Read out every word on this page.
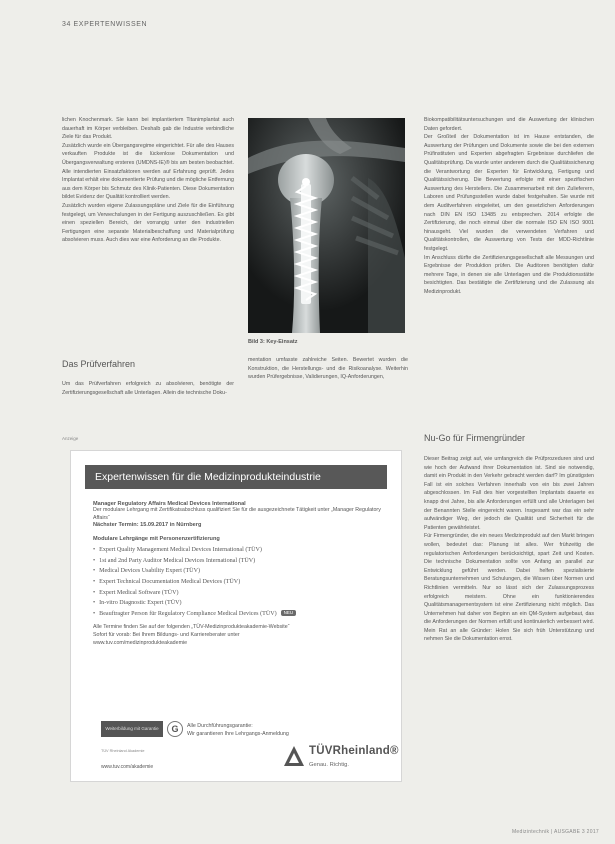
34 EXPERTENWISSEN

lichen Knochenmark. Sie kann bei implantiertem Titanimplantat auch dauerhaft im Körper verbleiben. Deshalb gab die Industrie verbindliche Ziele für das Produkt.

Zusätzlich wurde ein Übergangsregime eingerichtet. Für alle des Hauses verkauften Produkte ist die lückenlose Dokumentation und Übergangsverwaltung ersteres (UMDNS-IE)® bis am besten beobachtet. Alle intendierten Einsatzfaktoren werden auf Erfahrung geprüft. Jedes Implantat erhält eine dokumentierte Prüfung und die mögliche Entfernung aus dem Körper bis Schmutz des Klinik-Patienten. Diese Dokumentation bildet Evidenz der Qualität kontrolliert werden.

Zusätzlich wurden eigene Zulassungspläne und Ziele für die Einführung festgelegt, um Verwechslungen in der Fertigung auszuschließen. Es gibt einen speziellen Bereich, der vorrangig unter den industriellen Fertigungen eine separate Materialbeschaffung und Materialprüfung absolvieren muss. Auch dies war eine Anforderung an die Produkte.

Das Prüfverfahren

Um das Prüfverfahren erfolgreich zu absolvieren, benötigte der Zertifizierungsgesellschaft alle Unterlagen. Allein die technische Doku-

Bild 3: Key-Einsatz

mentation umfasste zahlreiche Seiten. Bewertet wurden die Konstruktion, die Herstellungs- und die Risikoanalyse. Weiterhin wurden Prüfergebnisse, Validierungen, IQ-Anforderungen,

Biokompatibilitätsuntersuchungen und die Auswertung der klinischen Daten gefordert.

Der Großteil der Dokumentation ist im Hause entstanden, die Auswertung der Prüfungen und Dokumente sowie die bei den externen Prüfinstituten und Experten abgefragten Ergebnisse durchliefen die Qualitätsprüfung. Da wurde unter anderem durch die Qualitätssicherung die Verantwortung der Experten für Entwicklung, Fertigung und Qualitätssicherung. Die Bewertung erfolgte mit einer spezifischen Auswertung des Herstellers. Die Zusammenarbeit mit den Zulieferern, Laboren und Prüfungsstellen wurde dabei festgehalten. Sie wurde mit dem Auditverfahren eingeleitet, um den gesetzlichen Anforderungen nach DIN EN ISO 13485 zu entsprechen. 2014 erfolgte die Zertifizierung, die noch einmal über die normale ISO EN ISO 9001 hinausgeht. Viel wurden die verwendeten Verfahren und Qualitätskontrollen, die Auswertung von Tests der MDD-Richtlinie festgelegt.

Im Anschluss dürfte die Zertifizierungsgesellschaft alle Messungen und Ergebnisse der Produktion prüfen. Die Auditoren benötigten dafür mehrere Tage, in denen sie alle Unterlagen und die Produktionsstätte besichtigten. Das bestätigte die Zertifizierung und die Zulassung als Medizinprodukt.

Nu-Go für Firmengründer

Dieser Beitrag zeigt auf, wie umfangreich die Prüfprozeduren sind und wie hoch der Aufwand ihrer Dokumentation ist. Sind sie notwendig, damit ein Produkt in den Verkehr gebracht werden darf? Im günstigsten Fall ist ein solches Verfahren innerhalb von ein bis zwei Jahren abgeschlossen. Im Fall des hier vorgestellten Implantats dauerte es knapp drei Jahre, bis alle Anforderungen erfüllt und alle Unterlagen bei der Benannten Stelle eingereicht waren. Insgesamt war das ein sehr aufwändiger Weg, der jedoch die Qualität und Sicherheit für die Patienten gewährleistet.

Für Firmengründer, die ein neues Medizinprodukt auf den Markt bringen wollen, bedeutet das: Planung ist alles. Wer frühzeitig die regulatorischen Anforderungen berücksichtigt, spart Zeit und Kosten. Die technische Dokumentation sollte von Anfang an parallel zur Entwicklung geführt werden. Dabei helfen spezialisierte Beratungsunternehmen und Schulungen, die Wissen über Normen und Richtlinien vermitteln. Nur so lässt sich der Zulassungsprozess erfolgreich meistern. Ohne ein funktionierendes Qualitätsmanagementsystem ist eine Zertifizierung nicht möglich. Das Unternehmen hat daher von Beginn an ein QM-System aufgebaut, das die Anforderungen der Normen erfüllt und kontinuierlich verbessert wird. Mein Rat an alle Gründer: Holen Sie sich früh Unterstützung und nehmen Sie die Dokumentation ernst.

Anzeige
Expertenwissen für die Medizinprodukteindustrie
Manager Regulatory Affairs Medical Devices International
Der modulare Lehrgang mit Zertifikatsabschluss qualifiziert Sie für die ausgezeichnete Tätigkeit unter „Manager Regulatory Affairs“
Nächster Termin: 15.09.2017 in Nürnberg
Modulare Lehrgänge mit Personenzertifizierung
• Expert Quality Management Medical Devices International (TÜV)
• 1st and 2nd Party Auditor Medical Devices International (TÜV)
• Medical Devices Usability Expert (TÜV)
• Expert Technical Documentation Medical Devices (TÜV)
• Expert Medical Software (TÜV)
• In-vitro Diagnostic Expert (TÜV)
• Beauftragter Person für Regulatory Compliance Medical Devices (TÜV) NEU
Alle Termine finden Sie auf der folgenden „TÜV-Medizinprodukteakademie-Website“
Sofort für vorab: Bei Ihrem Bildungs- und Karriereberater unter
www.tuv.com/medizinprodukteakademie
Weiterbildung mit Garantie	G	Alle Durchführungsgarantie:
Wir garantieren Ihre Lehrgangs-Anmeldung
TÜV Rheinland Akademie
www.tuv.com/akademie
TÜVRheinland®
Genau. Richtig.
Medizintechnik | AUSGABE 3 2017
